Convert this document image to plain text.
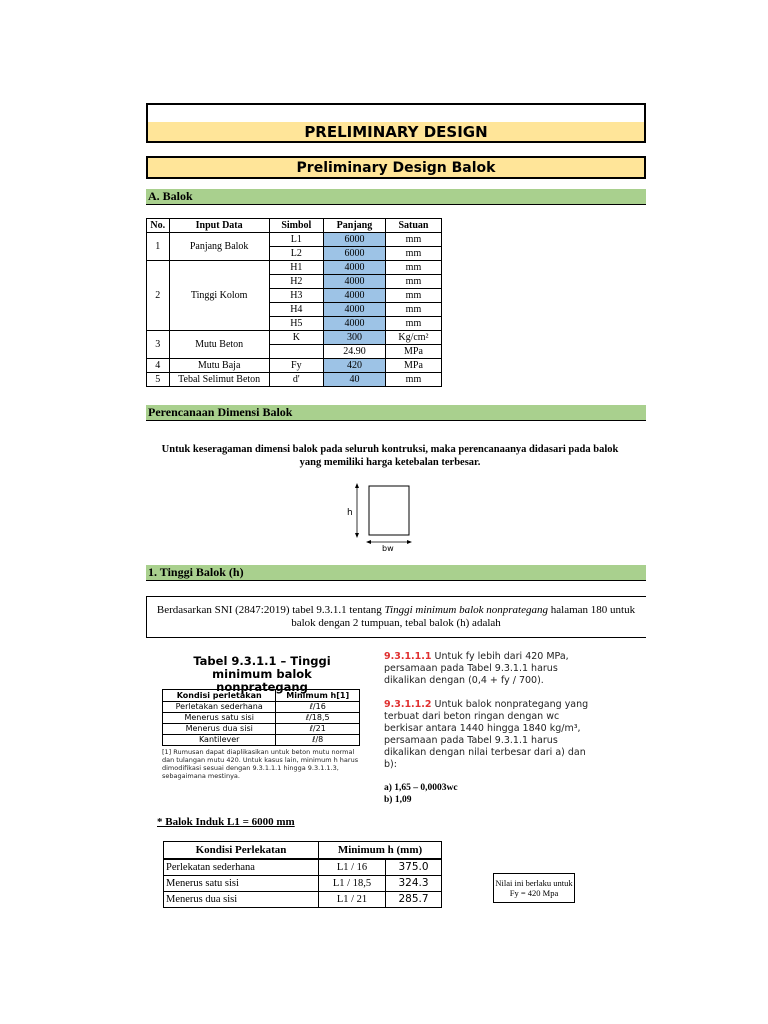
PRELIMINARY DESIGN
Preliminary Design Balok
A. Balok
No.	Input Data	Simbol	Panjang	Satuan
1	Panjang Balok	L1	6000	mm
		L2	6000	mm
2	Tinggi Kolom	H1	4000	mm
		H2	4000	mm
		H3	4000	mm
		H4	4000	mm
		H5	4000	mm
3	Mutu Beton	K	300	Kg/cm²
			24.90	MPa
4	Mutu Baja	Fy	420	MPa
5	Tebal Selimut Beton	d'	40	mm
Perencanaan Dimensi Balok
Untuk keseragaman dimensi balok pada seluruh kontruksi, maka perencanaanya didasari pada balok yang memiliki harga ketebalan terbesar.
h
bw
1. Tinggi Balok (h)
Berdasarkan SNI (2847:2019) tabel 9.3.1.1 tentang Tinggi minimum balok nonprategang halaman 180 untuk balok dengan 2 tumpuan, tebal balok (h) adalah
Tabel 9.3.1.1 – Tinggi minimum balok
nonprategang
Kondisi perletakan	Minimum h[1]
Perletakan sederhana	ℓ/16
Menerus satu sisi	ℓ/18,5
Menerus dua sisi	ℓ/21
Kantilever	ℓ/8
[1] Rumusan dapat diaplikasikan untuk beton mutu normal dan tulangan mutu 420. Untuk kasus lain, minimum h harus dimodifikasi sesuai dengan 9.3.1.1.1 hingga 9.3.1.1.3, sebagaimana mestinya.
9.3.1.1.1 Untuk fy lebih dari 420 MPa, persamaan pada Tabel 9.3.1.1 harus dikalikan dengan (0,4 + fy / 700).
9.3.1.1.2 Untuk balok nonprategang yang terbuat dari beton ringan dengan wc berkisar antara 1440 hingga 1840 kg/m³, persamaan pada Tabel 9.3.1.1 harus dikalikan dengan nilai terbesar dari a) dan b):
a) 1,65 – 0,0003wc
b) 1,09
* Balok Induk L1 = 6000 mm
Kondisi Perlekatan	Minimum h (mm)	
Perlekatan sederhana	L1 / 16	375.0
Menerus satu sisi	L1 / 18,5	324.3
Menerus dua sisi	L1 / 21	285.7
Nilai ini berlaku untuk Fy = 420 Mpa
